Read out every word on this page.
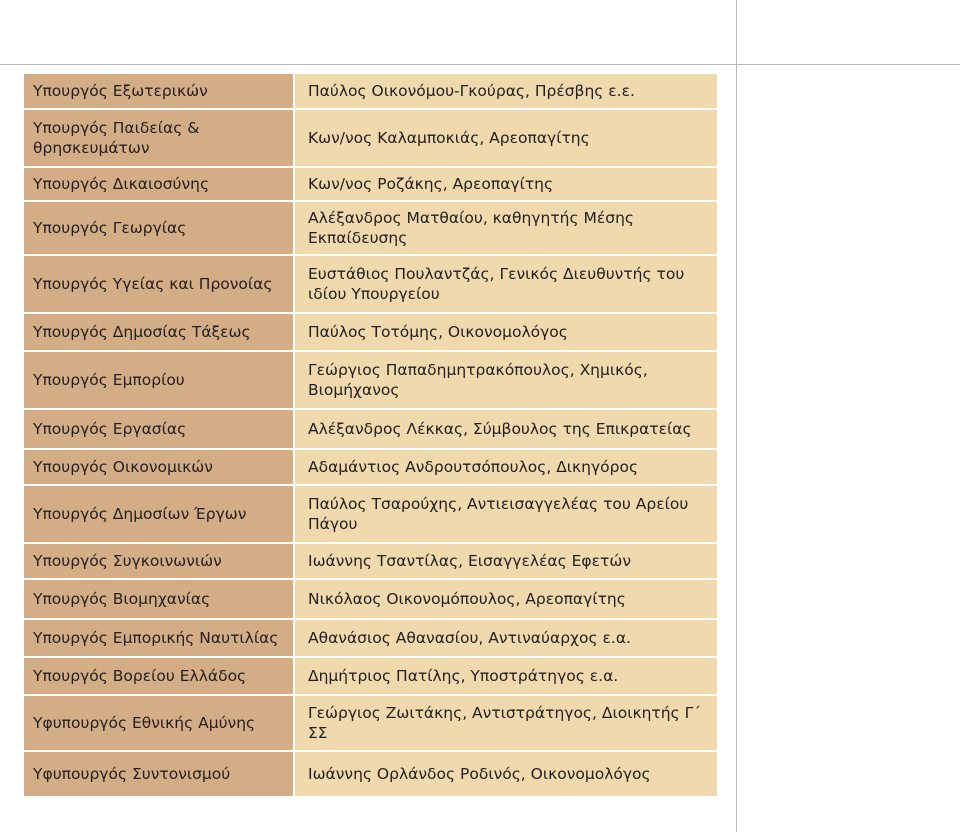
Υπουργός Εξωτερικών
Υπουργός Παιδείας & θρησκευμάτων
Υπουργός Δικαιοσύνης
Υπουργός Γεωργίας
Υπουργός Υγείας και Προνοίας
Υπουργός Δημοσίας Τάξεως
Υπουργός Εμπορίου
Υπουργός Εργασίας
Υπουργός Οικονομικών
Υπουργός Δημοσίων Έργων
Υπουργός Συγκοινωνιών
Υπουργός Βιομηχανίας
Υπουργός Εμπορικής Ναυτιλίας
Υπουργός Βορείου Ελλάδος
Υφυπουργός Εθνικής Αμύνης
Υφυπουργός Συντονισμού
Παύλος Οικονόμου-Γκούρας, Πρέσβης ε.ε.
Κων/νος Καλαμποκιάς, Αρεοπαγίτης
Κων/νος Ροζάκης, Αρεοπαγίτης
Αλέξανδρος Ματθαίου, καθηγητής Μέσης Εκπαίδευσης
Ευστάθιος Πουλαντζάς, Γενικός Διευθυντής του ιδίου Υπουργείου
Παύλος Τοτόμης, Οικονομολόγος
Γεώργιος Παπαδημητρακόπουλος, Χημικός, Βιομήχανος
Αλέξανδρος Λέκκας, Σύμβουλος της Επικρατείας
Αδαμάντιος Ανδρουτσόπουλος, Δικηγόρος
Παύλος Τσαρούχης, Αντιεισαγγελέας του Αρείου Πάγου
Ιωάννης Τσαντίλας, Εισαγγελέας Εφετών
Νικόλαος Οικονομόπουλος, Αρεοπαγίτης
Αθανάσιος Αθανασίου, Αντιναύαρχος ε.α.
Δημήτριος Πατίλης, Υποστράτηγος ε.α.
Γεώργιος Ζωιτάκης, Αντιστράτηγος, Διοικητής Γ΄ ΣΣ
Ιωάννης Ορλάνδος Ροδινός, Οικονομολόγος
